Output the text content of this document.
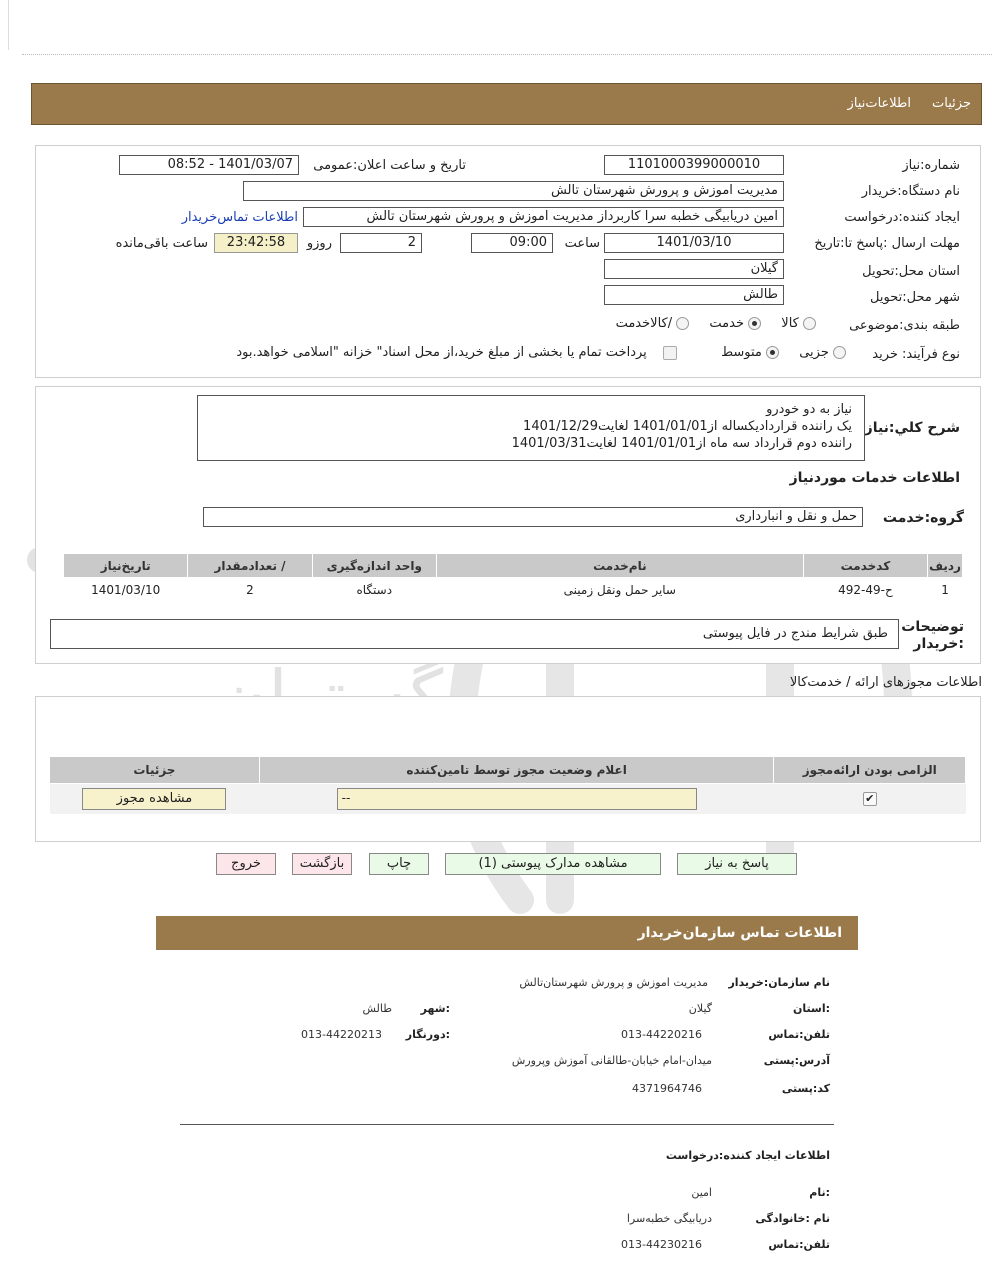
جزئیات
اطلاعات‌نیاز
شماره:نیاز
1101000399000010
تاریخ و ساعت اعلان:عمومی
1401/03/07 - 08:52
نام دستگاه:خریدار
مدیریت اموزش و پرورش شهرستان تالش
ایجاد کننده:درخواست
امین دریابیگی خطبه سرا کاربرداز مدیریت اموزش و پرورش شهرستان تالش
اطلاعات تماس‌خریدار
مهلت ارسال :پاسخ تا:تاریخ
1401/03/10
ساعت
09:00
2
روزو
23:42:58
ساعت باقی‌مانده
استان محل:تحویل
گیلان
شهر محل:تحویل
طالش
طبقه بندی:موضوعی
کالا  خدمت  /کالاخدمت
نوع فرآیند: خرید
جزیی  متوسط  پرداخت تمام یا بخشی از مبلغ خرید،از محل اسناد" خزانه "اسلامی خواهد.بود
شرح کلي:نياز
نیاز به دو خودرو
یک راننده قراردادیکساله از1401/01/01 لغایت1401/12/29
راننده دوم قرارداد سه ماه از1401/01/01 لغایت1401/03/31
اطلاعات خدمات موردنياز
گروه:خدمت
حمل و نقل و انبارداری
رديف	کدخدمت	نام‌خدمت	واحد اندازه‌گيری	/ تعدادمقدار	تاريخ‌نياز
1	ح-49-492	سایر حمل ونقل زمینی	دستگاه	2	1401/03/10
توضیحات
:خریدار
طبق شرایط مندج در فایل پیوستی
اطلاعات مجوزهای ارائه / خدمت‌کالا
الزامی بودن ارائه‌مجوز	اعلام وضعیت مجوز توسط تامین‌کننده	جزئیات
✔	--	مشاهده مجوز
پاسخ به نیاز
مشاهده مدارک پیوستی (1)
چاپ
بازگشت
خروج
اطلاعات تماس سازمان‌خریدار
نام سازمان:خریدار
مدیریت اموزش و پرورش شهرستان‌تالش
:استان
گیلان
:شهر
طالش
تلفن:تماس
013-44220216
:دورنگار
013-44220213
آدرس:پستی
میدان-امام خیابان-طالقانی آموزش وپرورش
کد:پستی
4371964746
اطلاعات ایجاد کننده:درخواست
:نام
امین
نام :خانوادگی
دریابیگی خطبه‌سرا
تلفن:تماس
013-44230216
